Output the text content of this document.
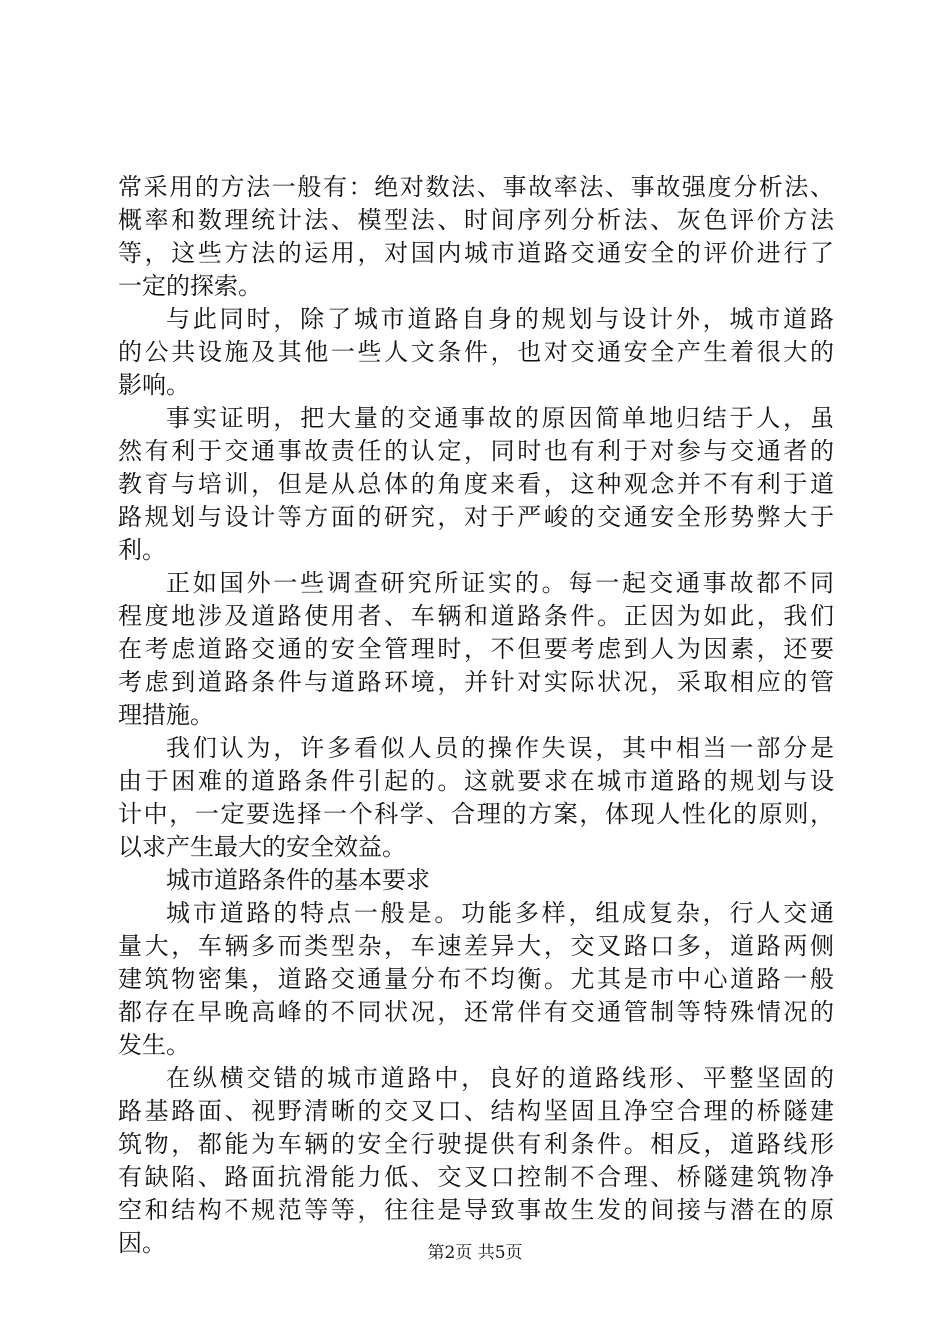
常采用的方法一般有：绝对数法、事故率法、事故强度分析法、
概率和数理统计法、模型法、时间序列分析法、灰色评价方法
等，这些方法的运用，对国内城市道路交通安全的评价进行了
一定的探索。
与此同时，除了城市道路自身的规划与设计外，城市道路
的公共设施及其他一些人文条件，也对交通安全产生着很大的
影响。
事实证明，把大量的交通事故的原因简单地归结于人，虽
然有利于交通事故责任的认定，同时也有利于对参与交通者的
教育与培训，但是从总体的角度来看，这种观念并不有利于道
路规划与设计等方面的研究，对于严峻的交通安全形势弊大于
利。
正如国外一些调查研究所证实的。每一起交通事故都不同
程度地涉及道路使用者、车辆和道路条件。正因为如此，我们
在考虑道路交通的安全管理时，不但要考虑到人为因素，还要
考虑到道路条件与道路环境，并针对实际状况，采取相应的管
理措施。
我们认为，许多看似人员的操作失误，其中相当一部分是
由于困难的道路条件引起的。这就要求在城市道路的规划与设
计中，一定要选择一个科学、合理的方案，体现人性化的原则，
以求产生最大的安全效益。
城市道路条件的基本要求
城市道路的特点一般是。功能多样，组成复杂，行人交通
量大，车辆多而类型杂，车速差异大，交叉路口多，道路两侧
建筑物密集，道路交通量分布不均衡。尤其是市中心道路一般
都存在早晚高峰的不同状况，还常伴有交通管制等特殊情况的
发生。
在纵横交错的城市道路中，良好的道路线形、平整坚固的
路基路面、视野清晰的交叉口、结构坚固且净空合理的桥隧建
筑物，都能为车辆的安全行驶提供有利条件。相反，道路线形
有缺陷、路面抗滑能力低、交叉口控制不合理、桥隧建筑物净
空和结构不规范等等，往往是导致事故生发的间接与潜在的原
因。	第2页 共5页
